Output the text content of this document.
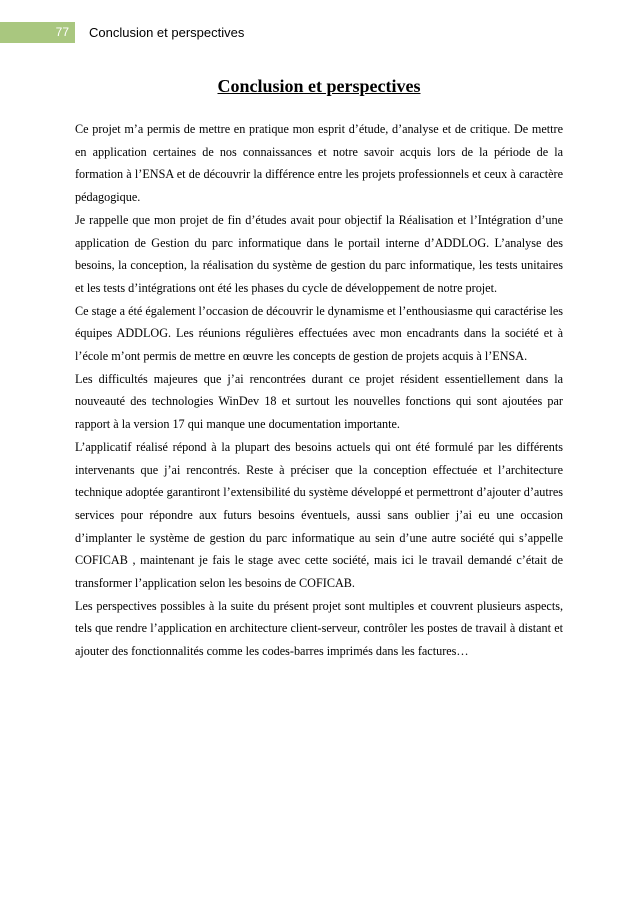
77	Conclusion et perspectives
Conclusion et perspectives

Ce projet m’a permis de mettre en pratique mon esprit d’étude, d’analyse et de critique. De mettre en application certaines de nos connaissances et notre savoir acquis lors de la période de la formation à l’ENSA et de découvrir la différence entre les projets professionnels et ceux à caractère pédagogique.

Je rappelle que mon projet de fin d’études avait pour objectif la Réalisation et l’Intégration d’une application de Gestion du parc informatique dans le portail interne d’ADDLOG. L’analyse des besoins, la conception, la réalisation du système de gestion du parc informatique, les tests unitaires et les tests d’intégrations ont été les phases du cycle de développement de notre projet.

Ce stage a été également l’occasion de découvrir le dynamisme et l’enthousiasme qui caractérise les équipes ADDLOG. Les réunions régulières effectuées avec mon encadrants dans la société et à l’école m’ont permis de mettre en œuvre les concepts de gestion de projets acquis à l’ENSA.

Les difficultés majeures que j’ai rencontrées durant ce projet résident essentiellement dans la nouveauté des technologies WinDev 18 et surtout les nouvelles fonctions qui sont ajoutées par rapport à la version 17 qui manque une documentation importante.

L’applicatif réalisé répond à la plupart des besoins actuels qui ont été formulé par les différents intervenants que j’ai rencontrés. Reste à préciser que la conception effectuée et l’architecture technique adoptée garantiront l’extensibilité du système développé et permettront d’ajouter d’autres services pour répondre aux futurs besoins éventuels, aussi sans oublier j’ai eu une occasion d’implanter le système de gestion du parc informatique au sein d’une autre société qui s’appelle COFICAB , maintenant je fais le stage avec cette société, mais ici le travail demandé c’était de transformer l’application selon les besoins de COFICAB.

Les perspectives possibles à la suite du présent projet sont multiples et couvrent plusieurs aspects, tels que rendre l’application en architecture client-serveur, contrôler les postes de travail à distant et ajouter des fonctionnalités comme les codes-barres imprimés dans les factures…
